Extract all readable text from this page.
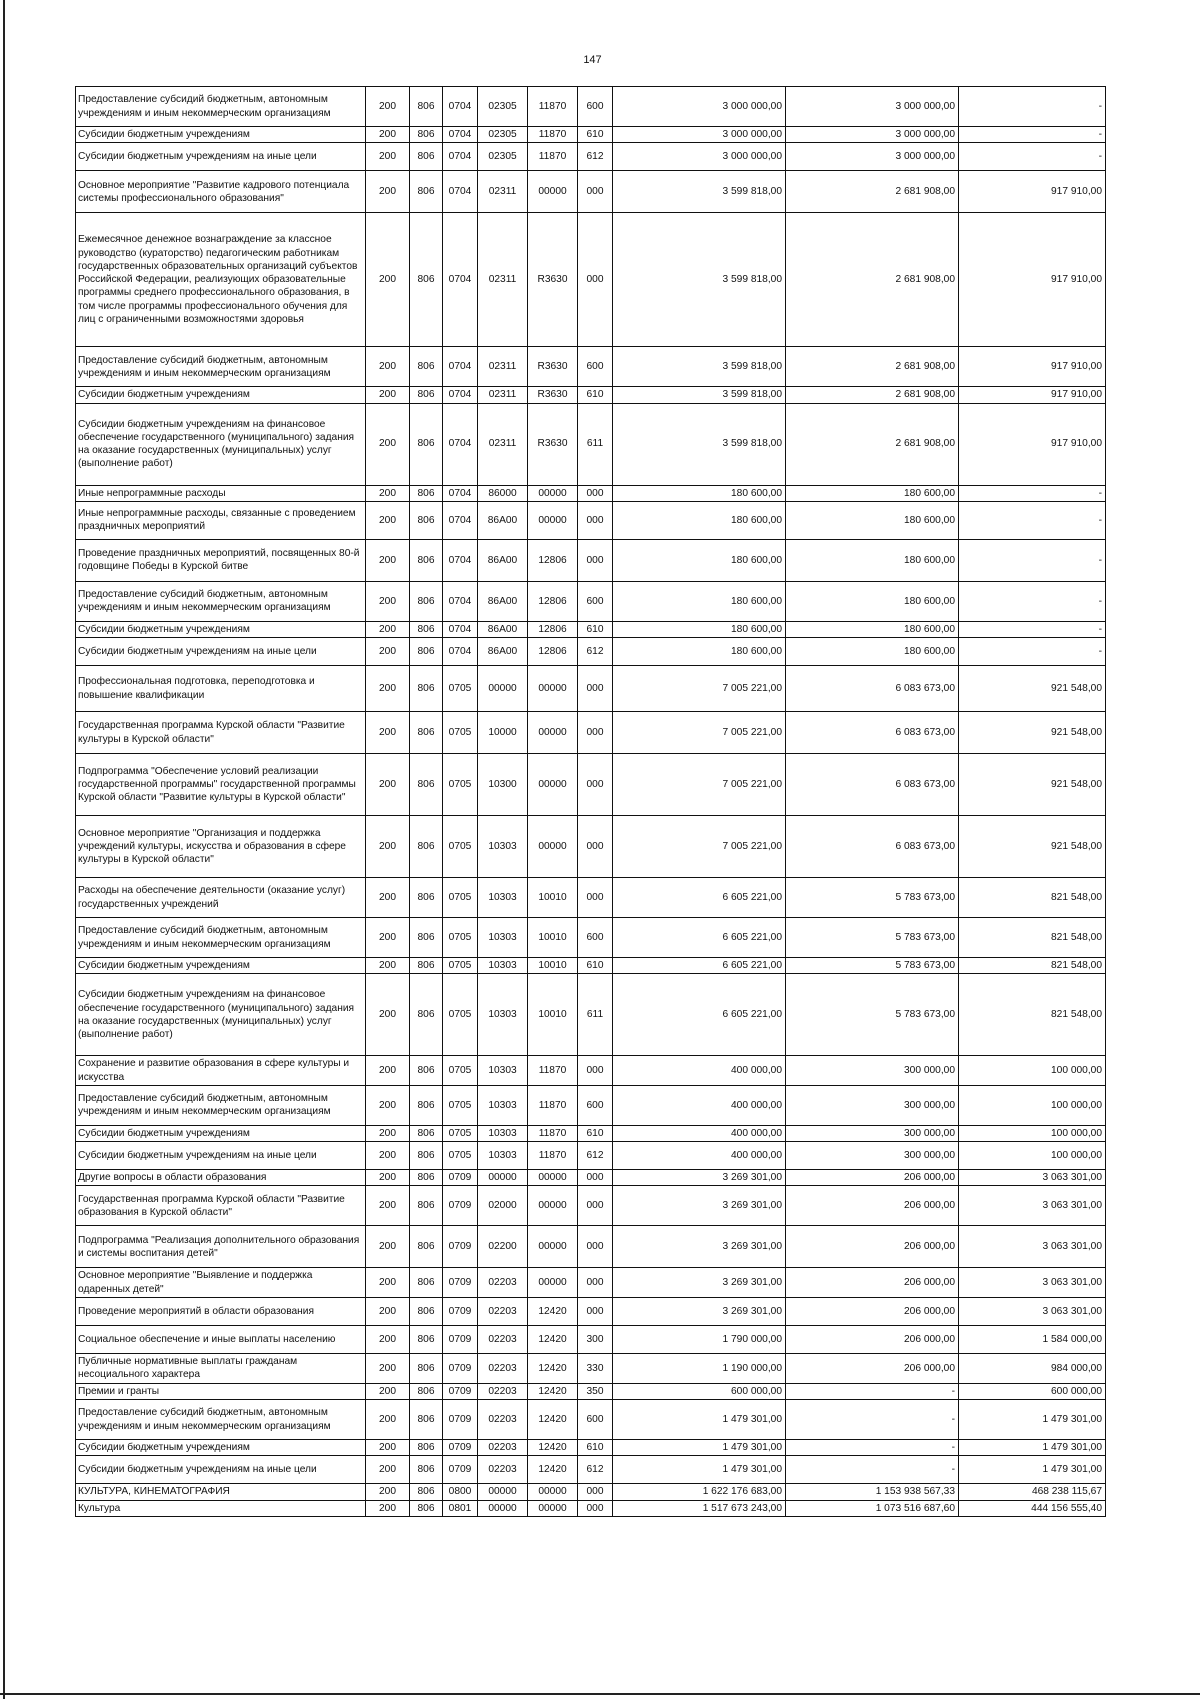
147
Предоставление субсидий бюджетным, автономным учреждениям и иным некоммерческим организациям	200	806	0704	02305	11870	600	3 000 000,00	3 000 000,00	-
Субсидии бюджетным учреждениям	200	806	0704	02305	11870	610	3 000 000,00	3 000 000,00	-
Субсидии бюджетным учреждениям на иные цели	200	806	0704	02305	11870	612	3 000 000,00	3 000 000,00	-
Основное мероприятие "Развитие кадрового потенциала системы профессионального образования"	200	806	0704	02311	00000	000	3 599 818,00	2 681 908,00	917 910,00
Ежемесячное денежное вознаграждение за классное руководство (кураторство) педагогическим работникам государственных образовательных организаций субъектов Российской Федерации, реализующих образовательные программы среднего профессионального образования, в том числе программы профессионального обучения для лиц с ограниченными возможностями здоровья	200	806	0704	02311	R3630	000	3 599 818,00	2 681 908,00	917 910,00
Предоставление субсидий бюджетным, автономным учреждениям и иным некоммерческим организациям	200	806	0704	02311	R3630	600	3 599 818,00	2 681 908,00	917 910,00
Субсидии бюджетным учреждениям	200	806	0704	02311	R3630	610	3 599 818,00	2 681 908,00	917 910,00
Субсидии бюджетным учреждениям на финансовое обеспечение государственного (муниципального) задания на оказание государственных (муниципальных) услуг (выполнение работ)	200	806	0704	02311	R3630	611	3 599 818,00	2 681 908,00	917 910,00
Иные непрограммные расходы	200	806	0704	86000	00000	000	180 600,00	180 600,00	-
Иные непрограммные расходы, связанные с проведением праздничных мероприятий	200	806	0704	86А00	00000	000	180 600,00	180 600,00	-
Проведение праздничных мероприятий, посвященных 80-й годовщине Победы в Курской битве	200	806	0704	86А00	12806	000	180 600,00	180 600,00	-
Предоставление субсидий бюджетным, автономным учреждениям и иным некоммерческим организациям	200	806	0704	86А00	12806	600	180 600,00	180 600,00	-
Субсидии бюджетным учреждениям	200	806	0704	86А00	12806	610	180 600,00	180 600,00	-
Субсидии бюджетным учреждениям на иные цели	200	806	0704	86А00	12806	612	180 600,00	180 600,00	-
Профессиональная подготовка, переподготовка и повышение квалификации	200	806	0705	00000	00000	000	7 005 221,00	6 083 673,00	921 548,00
Государственная программа Курской области "Развитие культуры в Курской области"	200	806	0705	10000	00000	000	7 005 221,00	6 083 673,00	921 548,00
Подпрограмма "Обеспечение условий реализации государственной программы" государственной программы Курской области "Развитие культуры в Курской области"	200	806	0705	10300	00000	000	7 005 221,00	6 083 673,00	921 548,00
Основное мероприятие "Организация и поддержка учреждений культуры, искусства и образования в сфере культуры в Курской области"	200	806	0705	10303	00000	000	7 005 221,00	6 083 673,00	921 548,00
Расходы на обеспечение деятельности (оказание услуг) государственных учреждений	200	806	0705	10303	10010	000	6 605 221,00	5 783 673,00	821 548,00
Предоставление субсидий бюджетным, автономным учреждениям и иным некоммерческим организациям	200	806	0705	10303	10010	600	6 605 221,00	5 783 673,00	821 548,00
Субсидии бюджетным учреждениям	200	806	0705	10303	10010	610	6 605 221,00	5 783 673,00	821 548,00
Субсидии бюджетным учреждениям на финансовое обеспечение государственного (муниципального) задания на оказание государственных (муниципальных) услуг (выполнение работ)	200	806	0705	10303	10010	611	6 605 221,00	5 783 673,00	821 548,00
Сохранение и развитие образования в сфере культуры и искусства	200	806	0705	10303	11870	000	400 000,00	300 000,00	100 000,00
Предоставление субсидий бюджетным, автономным учреждениям и иным некоммерческим организациям	200	806	0705	10303	11870	600	400 000,00	300 000,00	100 000,00
Субсидии бюджетным учреждениям	200	806	0705	10303	11870	610	400 000,00	300 000,00	100 000,00
Субсидии бюджетным учреждениям на иные цели	200	806	0705	10303	11870	612	400 000,00	300 000,00	100 000,00
Другие вопросы в области образования	200	806	0709	00000	00000	000	3 269 301,00	206 000,00	3 063 301,00
Государственная программа Курской области "Развитие образования в Курской области"	200	806	0709	02000	00000	000	3 269 301,00	206 000,00	3 063 301,00
Подпрограмма "Реализация дополнительного образования и системы воспитания детей"	200	806	0709	02200	00000	000	3 269 301,00	206 000,00	3 063 301,00
Основное мероприятие "Выявление и поддержка одаренных детей"	200	806	0709	02203	00000	000	3 269 301,00	206 000,00	3 063 301,00
Проведение мероприятий в области образования	200	806	0709	02203	12420	000	3 269 301,00	206 000,00	3 063 301,00
Социальное обеспечение и иные выплаты населению	200	806	0709	02203	12420	300	1 790 000,00	206 000,00	1 584 000,00
Публичные нормативные выплаты гражданам несоциального характера	200	806	0709	02203	12420	330	1 190 000,00	206 000,00	984 000,00
Премии и гранты	200	806	0709	02203	12420	350	600 000,00	-	600 000,00
Предоставление субсидий бюджетным, автономным учреждениям и иным некоммерческим организациям	200	806	0709	02203	12420	600	1 479 301,00	-	1 479 301,00
Субсидии бюджетным учреждениям	200	806	0709	02203	12420	610	1 479 301,00	-	1 479 301,00
Субсидии бюджетным учреждениям на иные цели	200	806	0709	02203	12420	612	1 479 301,00	-	1 479 301,00
КУЛЬТУРА, КИНЕМАТОГРАФИЯ	200	806	0800	00000	00000	000	1 622 176 683,00	1 153 938 567,33	468 238 115,67
Культура	200	806	0801	00000	00000	000	1 517 673 243,00	1 073 516 687,60	444 156 555,40
